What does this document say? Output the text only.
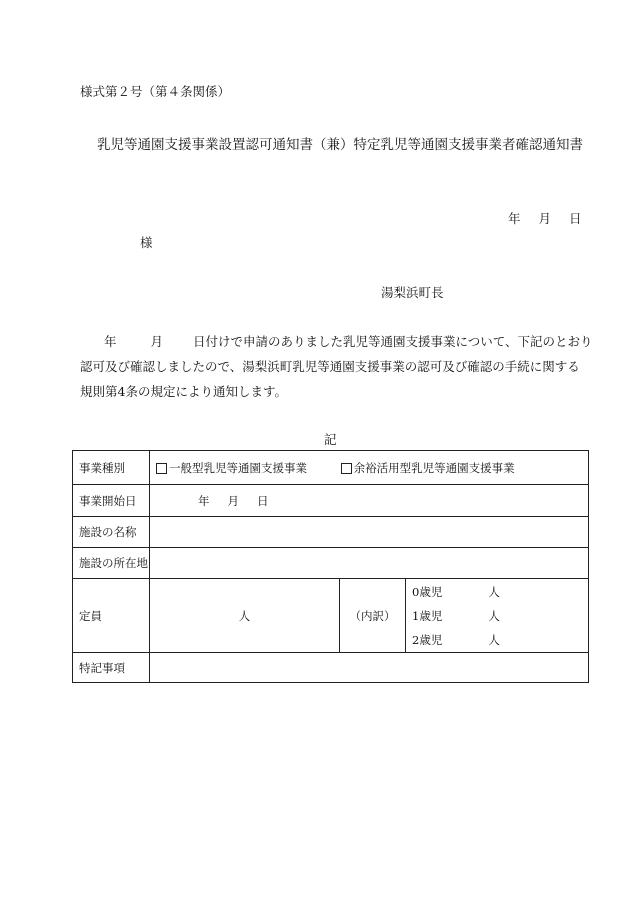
様式第２号（第４条関係）
乳児等通園支援事業設置認可通知書（兼）特定乳児等通園支援事業者確認通知書
年 月 日
様
湯梨浜町長

年	月 日付けで申請のありました乳児等通園支援事業について、下記のとおり

認可及び確認しましたので、湯梨浜町乳児等通園支援事業の認可及び確認の手続に関する

規則第4条の規定により通知します。

記
事業種別	一般型乳児等通園支援事業 余裕活用型乳児等通園支援事業		
事業開始日	年 月 日		
施設の名称			
施設の所在地			
定員	人	（内訳）	0歳児 人
1歳児 人
2歳児 人

特記事項			
